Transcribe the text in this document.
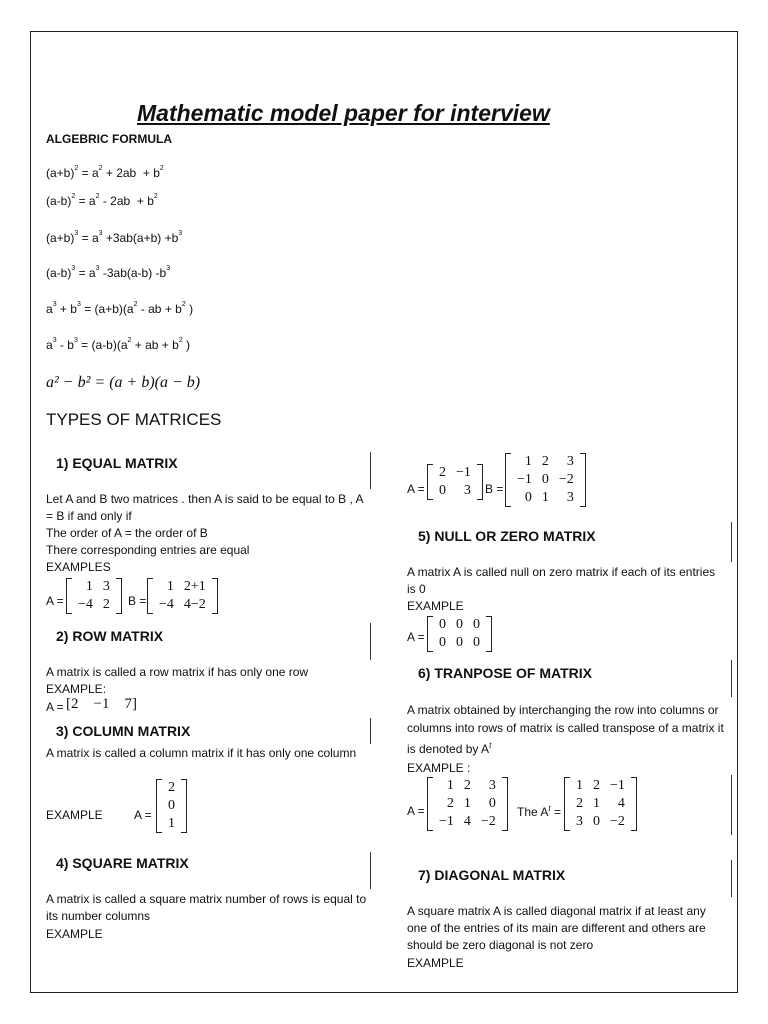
Mathematic model paper for interview
ALGEBRIC FORMULA
$(a+b)^2 = a^2 + 2ab + b^2$
$(a-b)^2 = a^2 - 2ab + b^2$
$(a+b)^3 = a^3 +3ab(a+b) +b^3$
$(a-b)^3 = a^3$ -3ab(a-b) $-b^3$
$a^3 + b^3 = (a+b)(a^2$ - ab + $b^2$ )
$a^3 - b^3 = (a-b)(a^2$ + ab + $b^2$ )
a² − b² = (a + b)(a − b)
TYPES OF MATRICES
1) EQUAL MATRIX
Let A and B two matrices . then A is said to be equal to B , A = B if and only if
The order of A = the order of B
There corresponding entries are equal
EXAMPLES
A =
1	3
−4	2 B =
1	2+1
−4	4−2
2) ROW MATRIX
A matrix is called a row matrix if has only one row
EXAMPLE:
A = [2    −1    7]
3) COLUMN MATRIX
A matrix is called a column matrix if it has only one column
EXAMPLE	A =
2
0
1
4) SQUARE MATRIX
A matrix is called a square matrix number of rows is equal to its number columns
EXAMPLE
A =
2	−1
0	3 B =
1	2	3
−1	0	−2
0	1	3
5) NULL OR ZERO MATRIX
A matrix A is called null on zero matrix if each of its entries is 0
EXAMPLE
A =
0	0	0
0	0	0
6) TRANPOSE OF MATRIX
A matrix obtained by interchanging the row into columns or columns into rows of matrix is called transpose of a matrix it is denoted by $A^t$
EXAMPLE :
A =
1	2	3
2	1	0
−1	4	−2
The $A^t$ =
1	2	−1
2	1	4
3	0	−2
7) DIAGONAL MATRIX
A square matrix A is called diagonal matrix if at least any one of the entries of its main are different and others are should be zero diagonal is not zero
EXAMPLE
